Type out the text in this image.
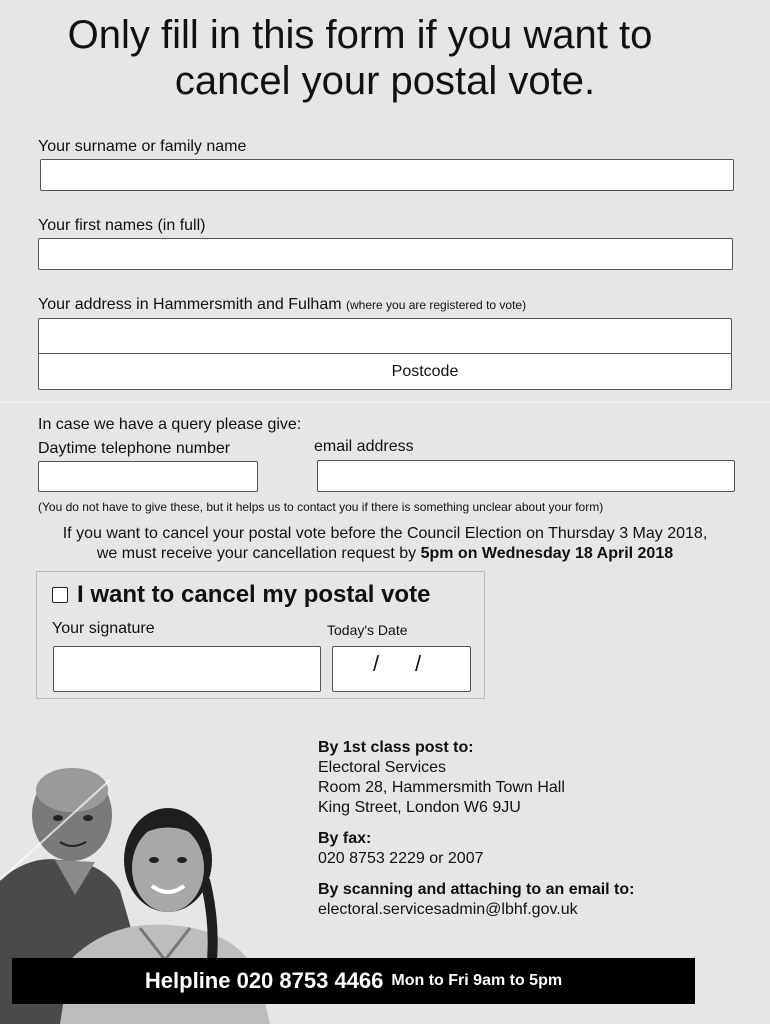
Only fill in this form if you want to
cancel your postal vote.
Your surname or family name
Your first names (in full)
Your address in Hammersmith and Fulham (where you are registered to vote)
Postcode
In case we have a query please give:
Daytime telephone number	email address
(You do not have to give these, but it helps us to contact you if there is something unclear about your form)
If you want to cancel your postal vote before the Council Election on Thursday 3 May 2018,
we must receive your cancellation request by 5pm on Wednesday 18 April 2018
I want to cancel my postal vote
Your signature	Today's Date
/ /
By 1st class post to:
Electoral Services
Room 28, Hammersmith Town Hall
King Street, London W6 9JU
By fax:
020 8753 2229 or 2007
By scanning and attaching to an email to:
electoral.servicesadmin@lbhf.gov.uk
Helpline 020 8753 4466 Mon to Fri 9am to 5pm
